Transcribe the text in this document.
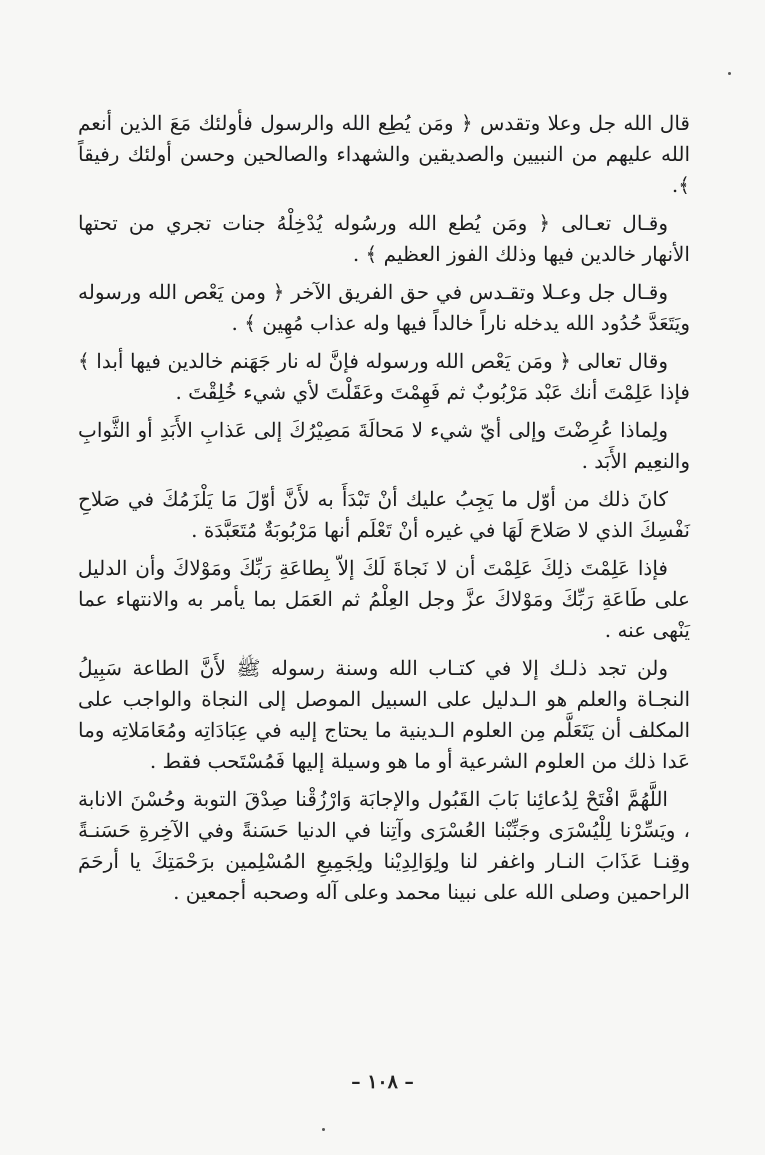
قال الله جل وعلا وتقدس ﴿ ومَن يُطِع الله والرسول فأولئك مَعَ الذين أنعم الله عليهم من النبيين والصديقين والشهداء والصالحين وحسن أولئك رفيقاً ﴾.

وقـال تعـالى ﴿ ومَن يُطع الله ورسُوله يُدْخِلْهُ جنات تجري من تحتها الأنهار خالدين فيها وذلك الفوز العظيم ﴾ .

وقـال جل وعـلا وتقـدس في حق الفريق الآخر ﴿ ومن يَعْص الله ورسوله ويَتَعَدَّ حُدُود الله يدخله ناراً خالداً فيها وله عذاب مُهِين ﴾ .

وقال تعالى ﴿ ومَن يَعْص الله ورسوله فإنَّ له نار جَهَنم خالدين فيها أبدا ﴾ فإذا عَلِمْتَ أنك عَبْد مَرْبُوبٌ ثم فَهِمْتَ وعَقَلْتَ لأي شيء خُلِقْتَ .

ولِماذا عُرِضْتَ وإلى أيّ شيء لا مَحالَةَ مَصِيْرُكَ إلى عَذابِ الأَبَدِ أو الثَّوابِ والنعِيم الأَبَد .

كانَ ذلك من أوّل ما يَجِبُ عليك أنْ تَبْدَأَ به لأَنَّ أوّلَ مَا يَلْزَمُكَ في صَلاحِ نَفْسِكَ الذي لا صَلاحَ لَهَا في غيره أنْ تَعْلَم أنها مَرْبُوبَةٌ مُتَعَبَّدَة .

فإذا عَلِمْتَ ذلِكَ عَلِمْتَ أن لا نَجاةَ لَكَ إلاّ بِطاعَةِ رَبِّكَ ومَوْلاكَ وأن الدليل على طَاعَةِ رَبِّكَ ومَوْلاكَ عزَّ وجل العِلْمُ ثم العَمَل بما يأمر به والانتهاء عما يَنْهى عنه .

ولن تجد ذلـك إلا في كتـاب الله وسنة رسوله ﷺ لأَنَّ الطاعة سَبِيلُ النجـاة والعلم هو الـدليل على السبيل الموصل إلى النجاة والواجب على المكلف أن يَتَعَلَّم مِن العلوم الـدينية ما يحتاج إليه في عِبَادَاتِه ومُعَامَلاتِه وما عَدا ذلك من العلوم الشرعية أو ما هو وسيلة إليها فَمُسْتَحب فقط .

اللَّهُمَّ افْتَحْ لِدُعائِنا بَابَ القَبُول والإجابَة وَارْزُقْنا صِدْقَ التوبة وحُسْنَ الانابة ، ويَسِّرْنا لِلْيُسْرَى وجَنِّبْنا العُسْرَى وآتِنا في الدنيا حَسَنةً وفي الآخِرةِ حَسَنـةً وقِنـا عَذَابَ النـار واغفر لنا ولِوَالِدِيْنا ولِجَمِيعِ المُسْلِمين برَحْمَتِكَ يا أرحَمَ الراحمين وصلى الله على نبينا محمد وعلى آله وصحبه أجمعين .

– ١٠٨ –
